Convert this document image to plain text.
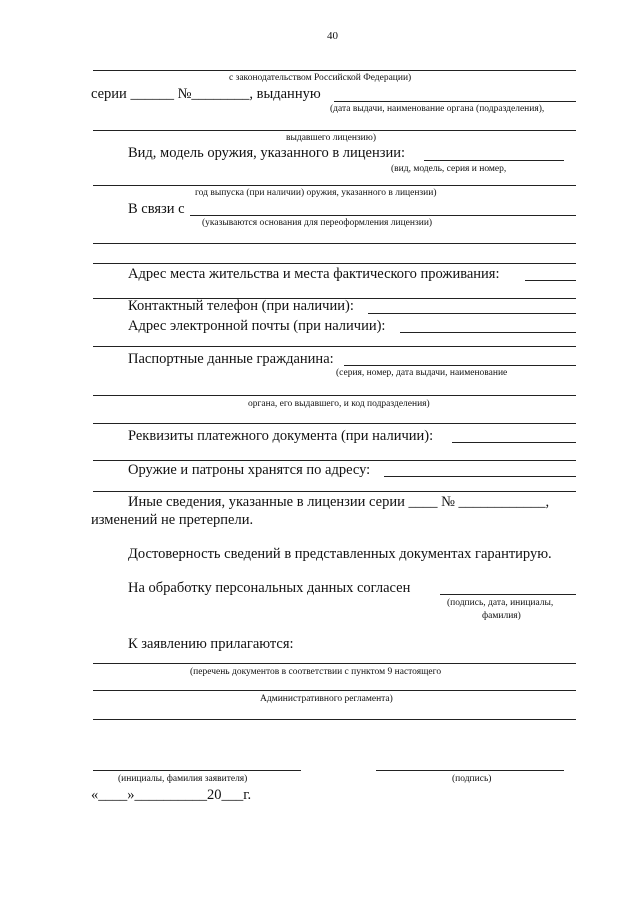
40
с законодательством Российской Федерации)
серии ______ №________, выданную
(дата выдачи, наименование органа (подразделения),
выдавшего лицензию)
Вид, модель оружия, указанного в лицензии:
(вид, модель, серия и номер,
год выпуска (при наличии) оружия, указанного в лицензии)
В связи с
(указываются основания для переоформления лицензии)
Адрес места жительства и места фактического проживания:
Контактный телефон (при наличии):
Адрес электронной почты (при наличии):
Паспортные данные гражданина:
(серия, номер, дата выдачи, наименование
органа, его выдавшего, и код подразделения)
Реквизиты платежного документа (при наличии):
Оружие и патроны хранятся по адресу:
Иные сведения, указанные в лицензии серии ____ № ____________,
изменений не претерпели.
Достоверность сведений в представленных документах гарантирую.
На обработку персональных данных согласен
(подпись, дата, инициалы,
фамилия)
К заявлению прилагаются:
(перечень документов в соответствии с пунктом 9 настоящего
Административного регламента)
(инициалы, фамилия заявителя)	(подпись)
«____»__________20___г.
